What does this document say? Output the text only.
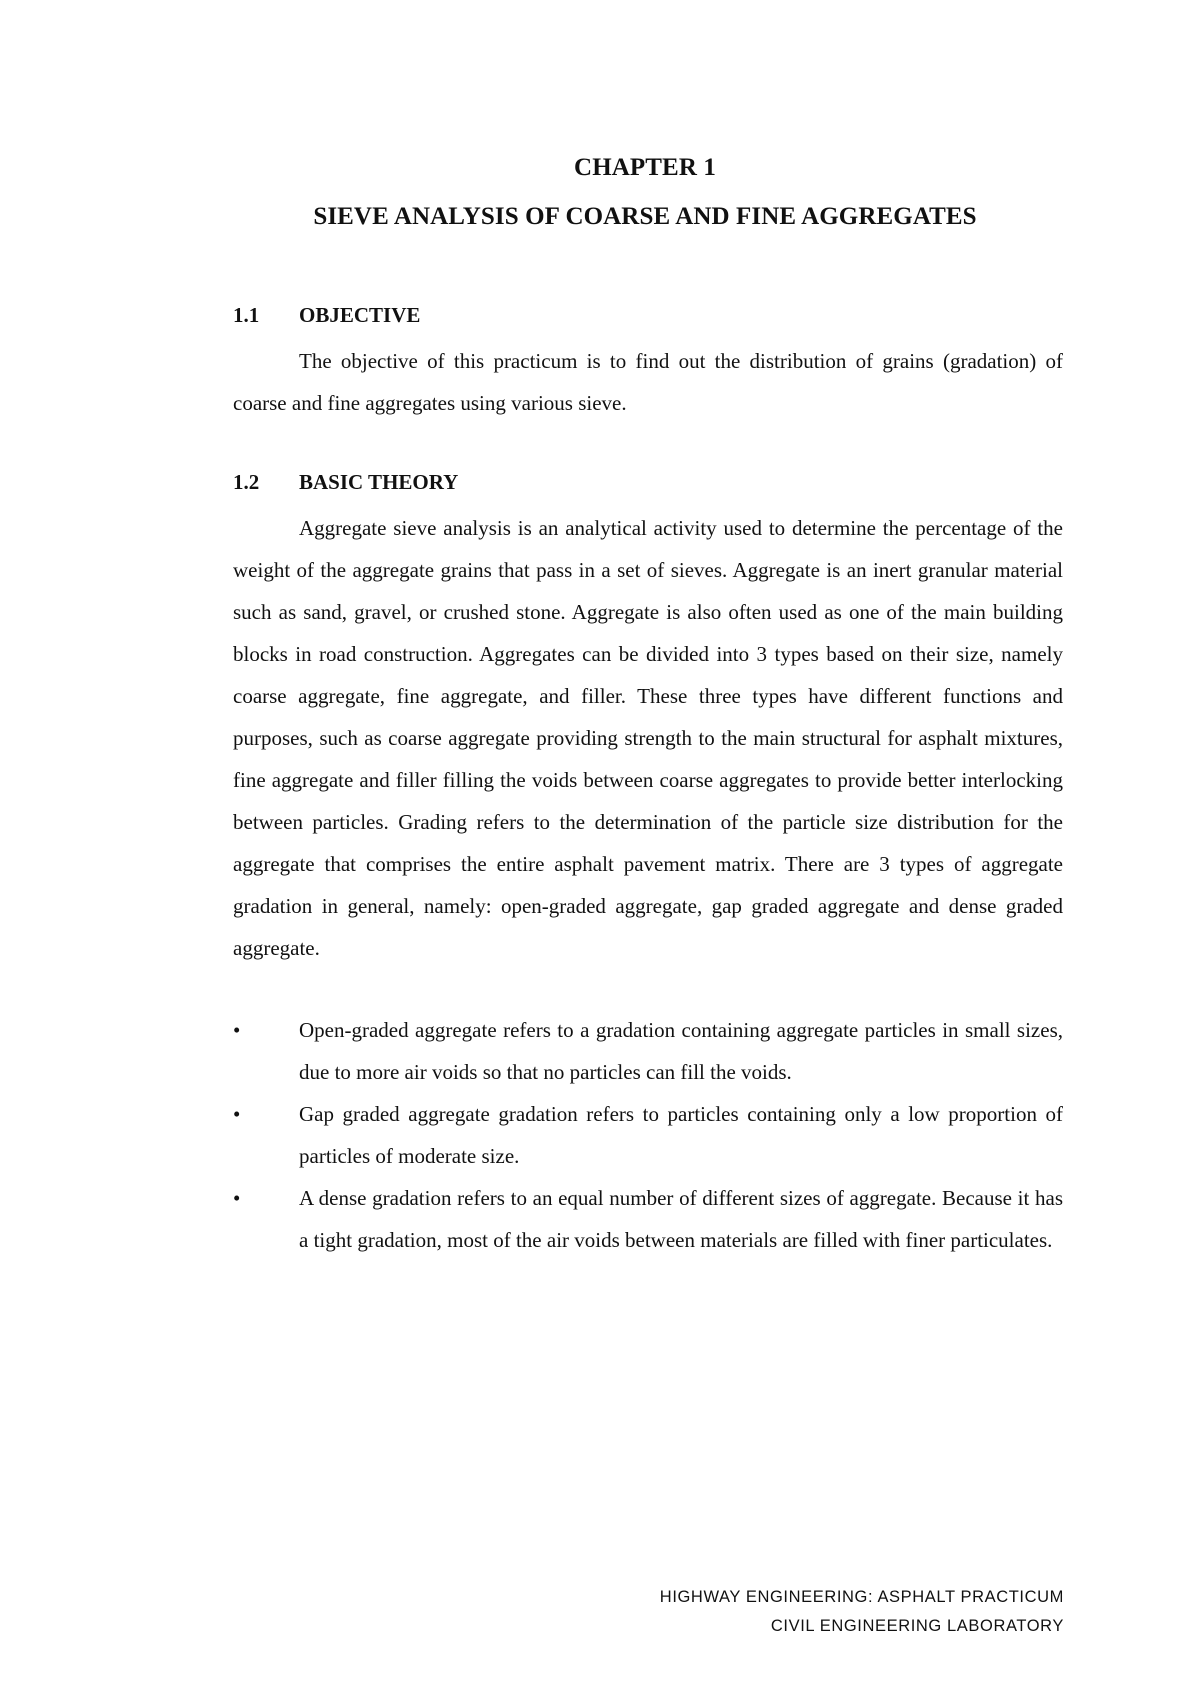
CHAPTER 1
SIEVE ANALYSIS OF COARSE AND FINE AGGREGATES
1.1 OBJECTIVE
The objective of this practicum is to find out the distribution of grains (gradation) of coarse and fine aggregates using various sieve.
1.2 BASIC THEORY
Aggregate sieve analysis is an analytical activity used to determine the percentage of the weight of the aggregate grains that pass in a set of sieves. Aggregate is an inert granular material such as sand, gravel, or crushed stone. Aggregate is also often used as one of the main building blocks in road construction. Aggregates can be divided into 3 types based on their size, namely coarse aggregate, fine aggregate, and filler. These three types have different functions and purposes, such as coarse aggregate providing strength to the main structural for asphalt mixtures, fine aggregate and filler filling the voids between coarse aggregates to provide better interlocking between particles. Grading refers to the determination of the particle size distribution for the aggregate that comprises the entire asphalt pavement matrix. There are 3 types of aggregate gradation in general, namely: open-graded aggregate, gap graded aggregate and dense graded aggregate.
•	Open-graded aggregate refers to a gradation containing aggregate particles in small sizes, due to more air voids so that no particles can fill the voids.
•	Gap graded aggregate gradation refers to particles containing only a low proportion of particles of moderate size.
•	A dense gradation refers to an equal number of different sizes of aggregate. Because it has a tight gradation, most of the air voids between materials are filled with finer particulates.
HIGHWAY ENGINEERING: ASPHALT PRACTICUM
CIVIL ENGINEERING LABORATORY
